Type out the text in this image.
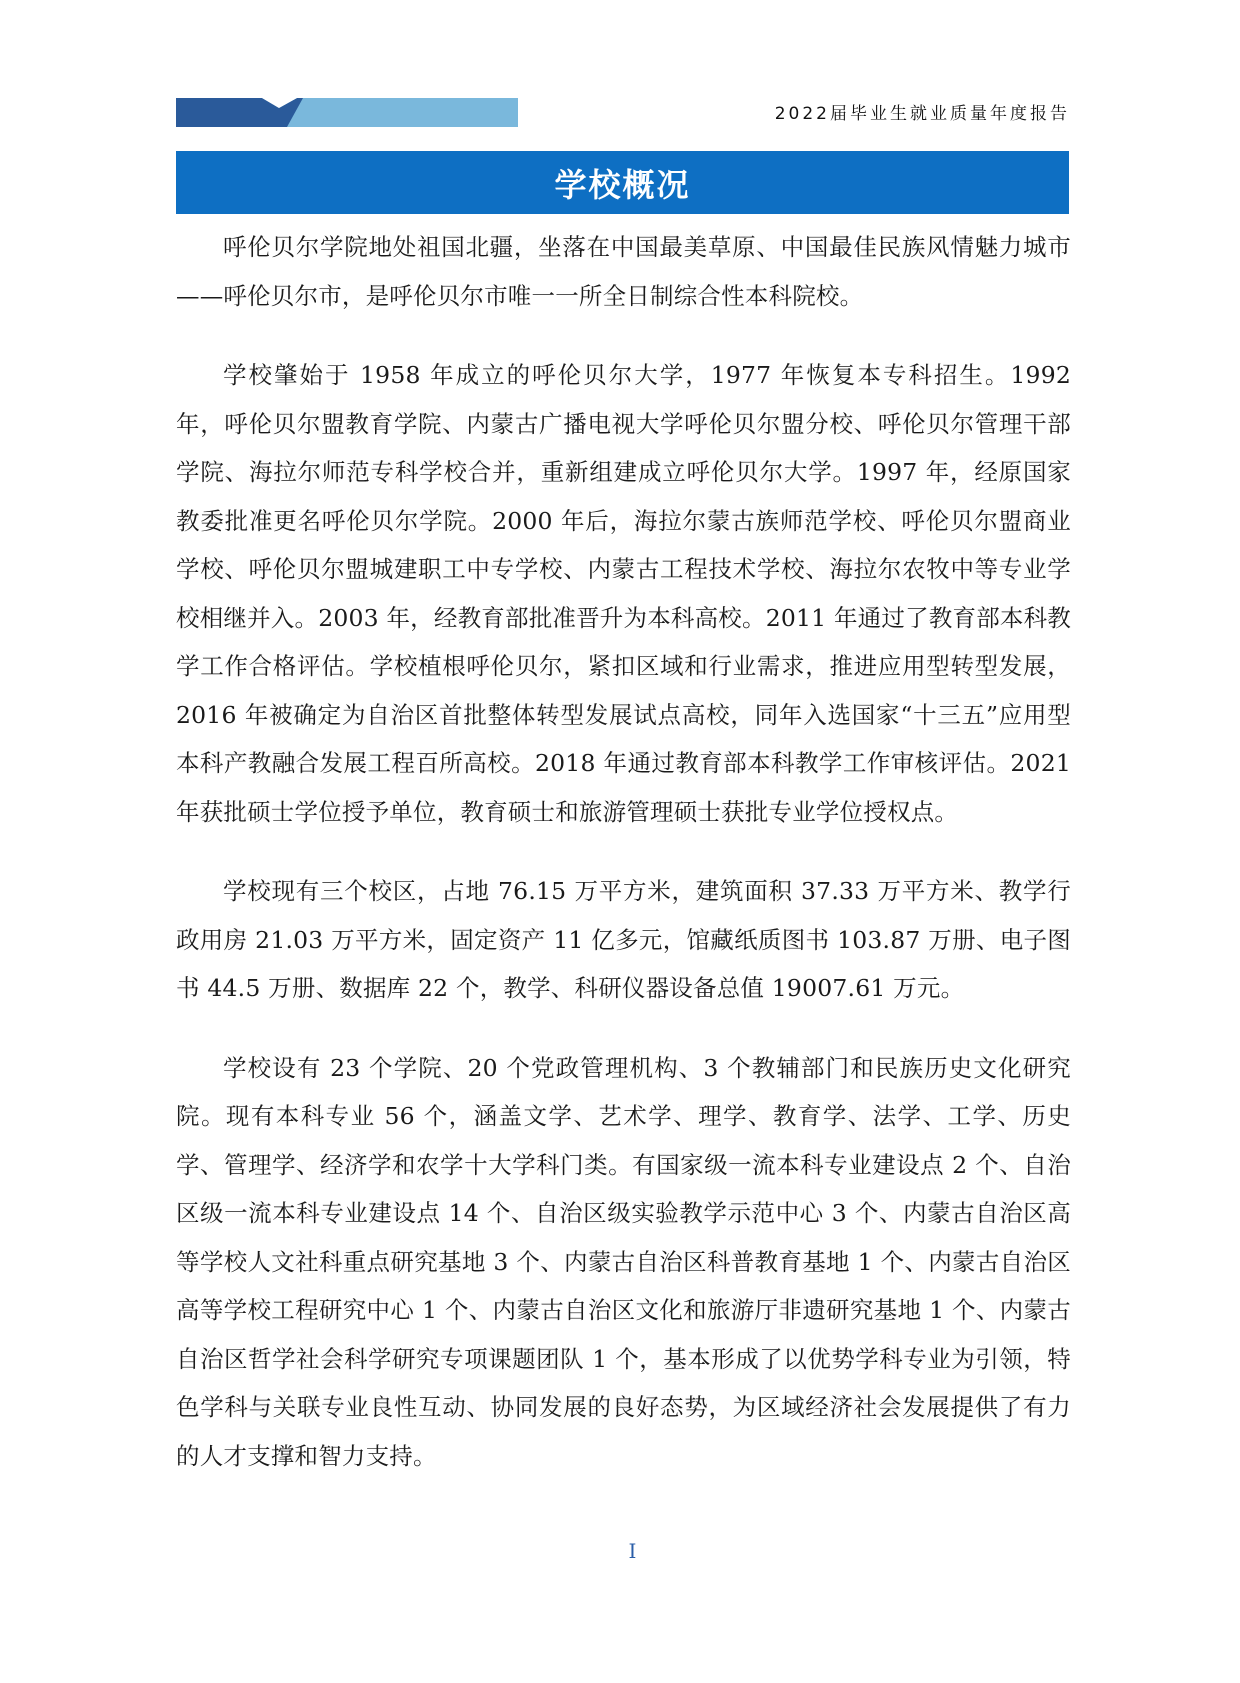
2022届毕业生就业质量年度报告
学校概况

呼伦贝尔学院地处祖国北疆，坐落在中国最美草原、中国最佳民族风情魅力城市——呼伦贝尔市，是呼伦贝尔市唯一一所全日制综合性本科院校。

学校肇始于 1958 年成立的呼伦贝尔大学，1977 年恢复本专科招生。1992 年，呼伦贝尔盟教育学院、内蒙古广播电视大学呼伦贝尔盟分校、呼伦贝尔管理干部学院、海拉尔师范专科学校合并，重新组建成立呼伦贝尔大学。1997 年，经原国家教委批准更名呼伦贝尔学院。2000 年后，海拉尔蒙古族师范学校、呼伦贝尔盟商业学校、呼伦贝尔盟城建职工中专学校、内蒙古工程技术学校、海拉尔农牧中等专业学校相继并入。2003 年，经教育部批准晋升为本科高校。2011 年通过了教育部本科教学工作合格评估。学校植根呼伦贝尔，紧扣区域和行业需求，推进应用型转型发展，2016 年被确定为自治区首批整体转型发展试点高校，同年入选国家“十三五”应用型本科产教融合发展工程百所高校。2018 年通过教育部本科教学工作审核评估。2021 年获批硕士学位授予单位，教育硕士和旅游管理硕士获批专业学位授权点。

学校现有三个校区，占地 76.15 万平方米，建筑面积 37.33 万平方米、教学行政用房 21.03 万平方米，固定资产 11 亿多元，馆藏纸质图书 103.87 万册、电子图书 44.5 万册、数据库 22 个，教学、科研仪器设备总值 19007.61 万元。

学校设有 23 个学院、20 个党政管理机构、3 个教辅部门和民族历史文化研究院。现有本科专业 56 个，涵盖文学、艺术学、理学、教育学、法学、工学、历史学、管理学、经济学和农学十大学科门类。有国家级一流本科专业建设点 2 个、自治区级一流本科专业建设点 14 个、自治区级实验教学示范中心 3 个、内蒙古自治区高等学校人文社科重点研究基地 3 个、内蒙古自治区科普教育基地 1 个、内蒙古自治区高等学校工程研究中心 1 个、内蒙古自治区文化和旅游厅非遗研究基地 1 个、内蒙古自治区哲学社会科学研究专项课题团队 1 个，基本形成了以优势学科专业为引领，特色学科与关联专业良性互动、协同发展的良好态势，为区域经济社会发展提供了有力的人才支撑和智力支持。

I
